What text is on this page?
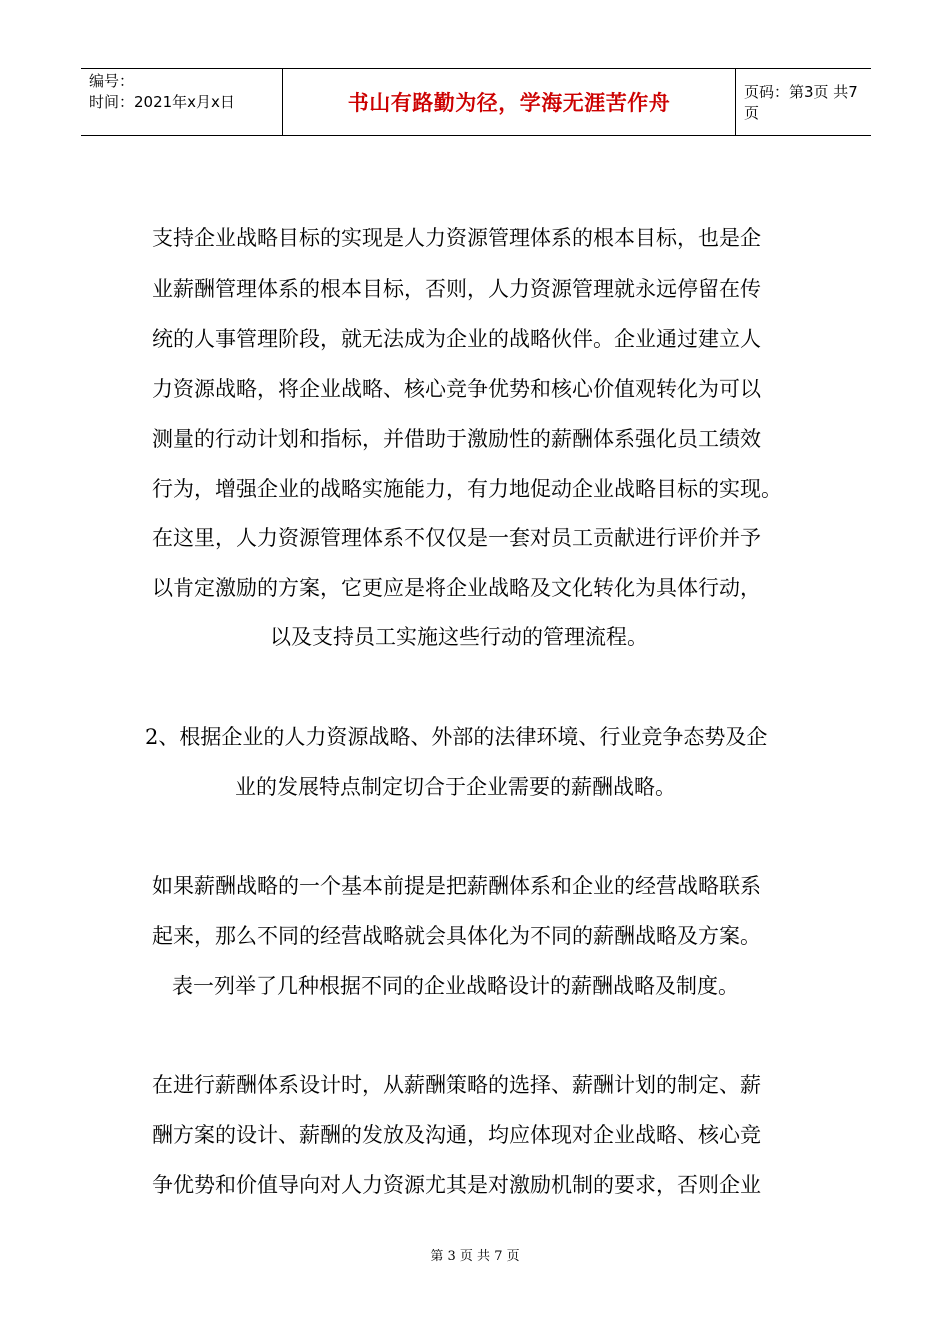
编号：
时间：2021年x月x日	书山有路勤为径，学海无涯苦作舟	页码：第3页 共7页
支持企业战略目标的实现是人力资源管理体系的根本目标，也是企
业薪酬管理体系的根本目标，否则，人力资源管理就永远停留在传
统的人事管理阶段，就无法成为企业的战略伙伴。企业通过建立人
力资源战略，将企业战略、核心竞争优势和核心价值观转化为可以
测量的行动计划和指标，并借助于激励性的薪酬体系强化员工绩效
行为，增强企业的战略实施能力，有力地促动企业战略目标的实现。
在这里，人力资源管理体系不仅仅是一套对员工贡献进行评价并予
以肯定激励的方案，它更应是将企业战略及文化转化为具体行动，
以及支持员工实施这些行动的管理流程。
2、根据企业的人力资源战略、外部的法律环境、行业竞争态势及企
业的发展特点制定切合于企业需要的薪酬战略。
如果薪酬战略的一个基本前提是把薪酬体系和企业的经营战略联系
起来，那么不同的经营战略就会具体化为不同的薪酬战略及方案。
表一列举了几种根据不同的企业战略设计的薪酬战略及制度。
在进行薪酬体系设计时，从薪酬策略的选择、薪酬计划的制定、薪
酬方案的设计、薪酬的发放及沟通，均应体现对企业战略、核心竞
争优势和价值导向对人力资源尤其是对激励机制的要求，否则企业
第 3 页 共 7 页
